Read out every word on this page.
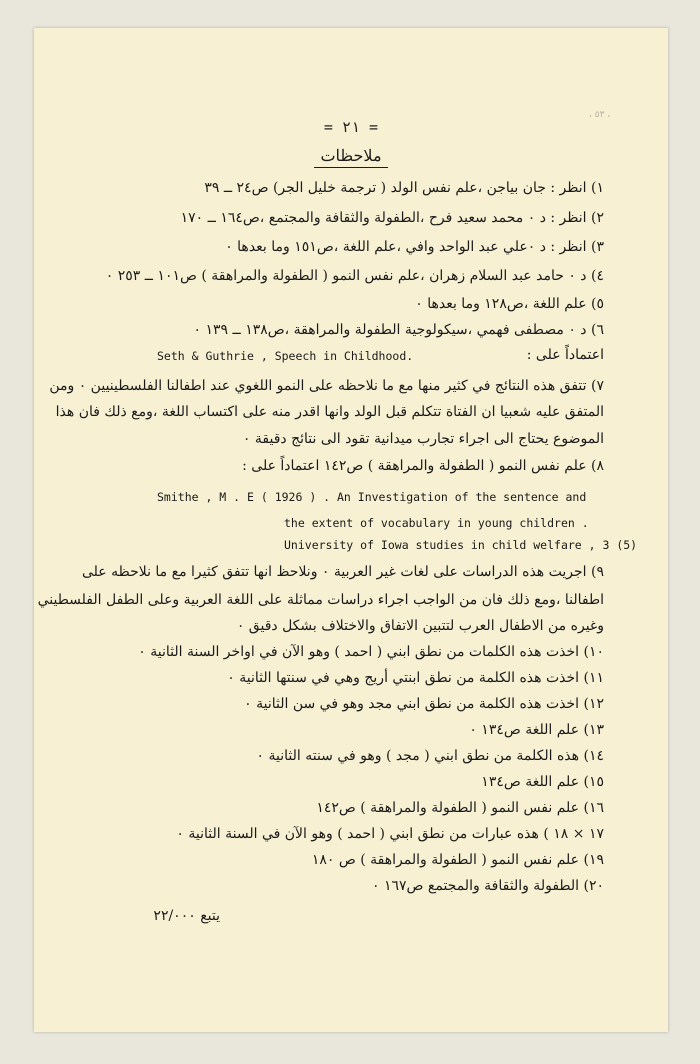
، ٥٣ ،
= ٢١ =
ملاحظات
١) انظر : جان بياجن ،علم نفس الولد ( ترجمة خليل الجر) ص٢٤ ــ ٣٩
٢) انظر : د ٠ محمد سعيد فرح ،الطفولة والثقافة والمجتمع ،ص١٦٤ ــ ١٧٠
٣) انظر : د ٠علي عبد الواحد وافي ،علم اللغة ،ص١٥١ وما بعدها ٠
٤) د ٠ حامد عبد السلام زهران ،علم نفس النمو ( الطفولة والمراهقة ) ص١٠١ ــ ٢٥٣ ٠
٥) علم اللغة ،ص١٢٨ وما بعدها ٠
٦) د ٠ مصطفى فهمي ،سيكولوجية الطفولة والمراهقة ،ص١٣٨ ــ ١٣٩ ٠
اعتماداً على :
Seth & Guthrie , Speech in Childhood.
٧) تتفق هذه النتائج في كثير منها مع ما نلاحظه على النمو اللغوي عند اطفالنا الفلسطينيين ٠ ومن
المتفق عليه شعبيا ان الفتاة تتكلم قبل الولد وانها اقدر منه على اكتساب اللغة ،ومع ذلك فان هذا
الموضوع يحتاج الى اجراء تجارب ميدانية تقود الى نتائج دقيقة ٠
٨) علم نفس النمو ( الطفولة والمراهقة ) ص١٤٢ اعتماداً على :
Smithe , M . E ( 1926 ) . An Investigation of the sentence and
the extent of vocabulary in young children .
University of Iowa studies in child welfare , 3 (5)
٩) اجريت هذه الدراسات على لغات غير العربية ٠ ونلاحظ انها تتفق كثيرا مع ما نلاحظه على
اطفالنا ،ومع ذلك فان من الواجب اجراء دراسات مماثلة على اللغة العربية وعلى الطفل الفلسطيني
وغيره من الاطفال العرب لتتبين الاتفاق والاختلاف بشكل دقيق ٠
١٠) اخذت هذه الكلمات من نطق ابني ( احمد ) وهو الآن في اواخر السنة الثانية ٠
١١) اخذت هذه الكلمة من نطق ابنتي أريج وهي في سنتها الثانية ٠
١٢) اخذت هذه الكلمة من نطق ابني مجد وهو في سن الثانية ٠
١٣) علم اللغة ص١٣٤ ٠
١٤) هذه الكلمة من نطق ابني ( مجد ) وهو في سنته الثانية ٠
١٥) علم اللغة ص١٣٤
١٦) علم نفس النمو ( الطفولة والمراهقة ) ص١٤٢
١٧ × ١٨ ) هذه عبارات من نطق ابني ( احمد ) وهو الآن في السنة الثانية ٠
١٩) علم نفس النمو ( الطفولة والمراهقة ) ص ١٨٠
٢٠) الطفولة والثقافة والمجتمع ص١٦٧ ٠
يتبع ٢٢/٠٠٠
